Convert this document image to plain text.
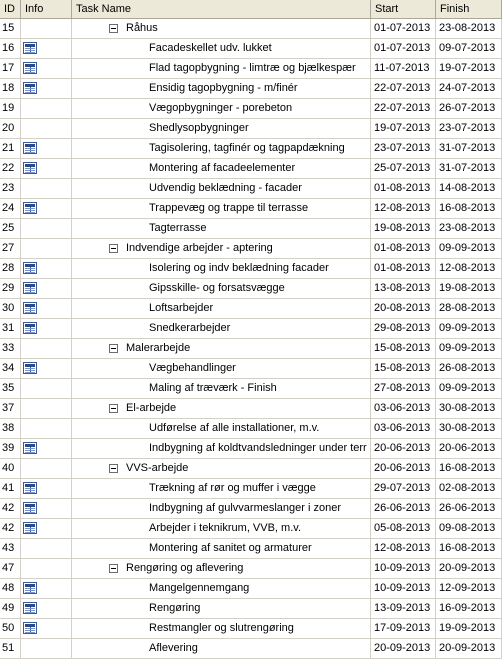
ID Info	Task Name	Start	Finish
15	Råhus	01-07-2013 23-08-2013
16	Facadeskellet udv. lukket	01-07-2013 09-07-2013
17	Flad tagopbygning - limtræ og bjælkespær 11-07-2013 19-07-2013
18	Ensidig tagopbygning - m/finér	22-07-2013 24-07-2013
19	Vægopbygninger - porebeton	22-07-2013 26-07-2013
20	Shedlysopbygninger	19-07-2013 23-07-2013
21	Tagisolering, tagfinér og tagpapdækning	23-07-2013 31-07-2013
22	Montering af facadeelementer	25-07-2013 31-07-2013
23	Udvendig beklædning - facader	01-08-2013 14-08-2013
24	Trappevæg og trappe til terrasse	12-08-2013 16-08-2013
25	Tagterrasse	19-08-2013 23-08-2013
27	Indvendige arbejder - aptering	01-08-2013 09-09-2013
28	Isolering og indv beklædning facader	01-08-2013 12-08-2013
29	Gipsskille- og forsatsvægge	13-08-2013 19-08-2013
30	Loftsarbejder	20-08-2013 28-08-2013
31	Snedkerarbejder	29-08-2013 09-09-2013
33	Malerarbejde	15-08-2013 09-09-2013
34	Vægbehandlinger	15-08-2013 26-08-2013
35	Maling af træværk - Finish	27-08-2013 09-09-2013
37	El-arbejde	03-06-2013 30-08-2013
38	Udførelse af alle installationer, m.v.	03-06-2013 30-08-2013
39	Indbygning af koldtvandsledninger under terr 20-06-2013 20-06-2013
40	VVS-arbejde	20-06-2013 16-08-2013
41	Trækning af rør og muffer i vægge	29-07-2013 02-08-2013
42	Indbygning af gulvvarmeslanger i zoner	26-06-2013 26-06-2013
42	Arbejder i teknikrum, VVB, m.v.	05-08-2013 09-08-2013
43	Montering af sanitet og armaturer	12-08-2013 16-08-2013
47	Rengøring og aflevering	10-09-2013 20-09-2013
48	Mangelgennemgang	10-09-2013 12-09-2013
49	Rengøring	13-09-2013 16-09-2013
50	Restmangler og slutrengøring	17-09-2013 19-09-2013
51	Aflevering	20-09-2013 20-09-2013
